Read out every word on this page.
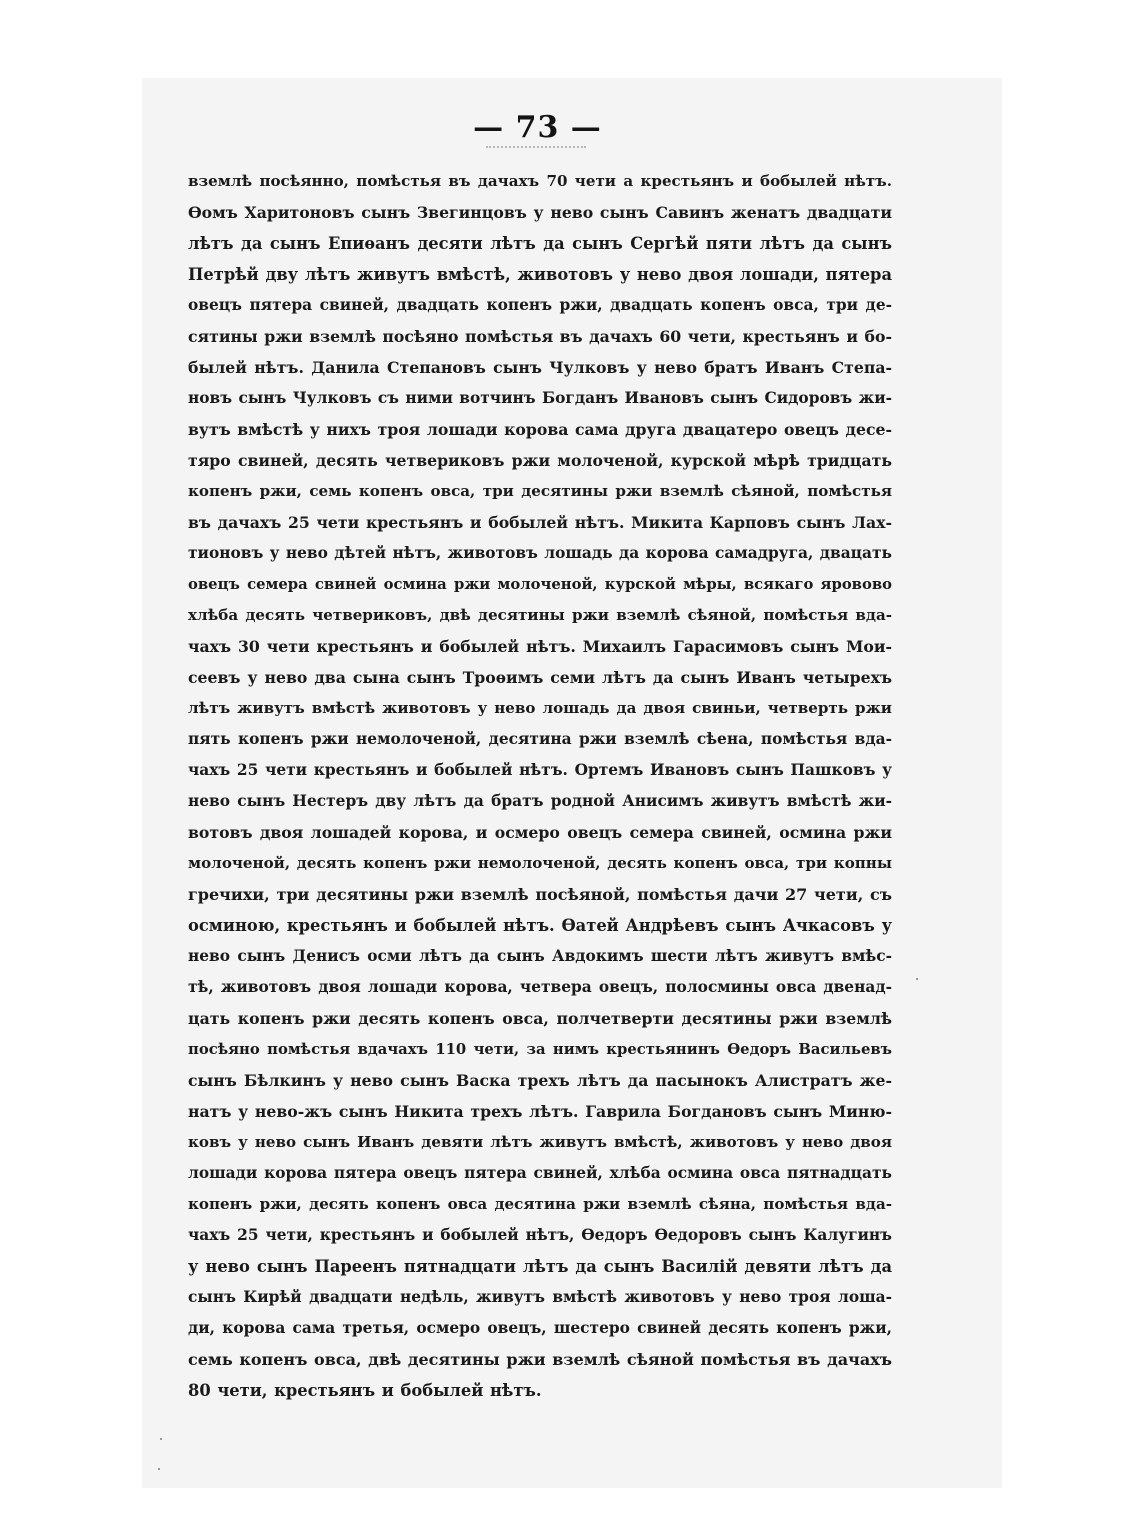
— 73 —
вземлѣ посѣянно, помѣстья въ дачахъ 70 чети а крестьянъ и бобылей нѣтъ.
Ѳомъ Харитоновъ сынъ Звегинцовъ у нево сынъ Савинъ женатъ двадцати
лѣтъ да сынъ Епиѳанъ десяти лѣтъ да сынъ Сергѣй пяти лѣтъ да сынъ
Петрѣй дву лѣтъ живутъ вмѣстѣ, животовъ у нево двоя лошади, пятера
овецъ пятера свиней, двадцать копенъ ржи, двадцать копенъ овса, три де-
сятины ржи вземлѣ посѣяно помѣстья въ дачахъ 60 чети, крестьянъ и бо-
былей нѣтъ. Данила Степановъ сынъ Чулковъ у нево братъ Иванъ Степа-
новъ сынъ Чулковъ съ ними вотчинъ Богданъ Ивановъ сынъ Сидоровъ жи-
вутъ вмѣстѣ у нихъ троя лошади корова сама друга двацатеро овецъ десе-
тяро свиней, десять четвериковъ ржи молоченой, курской мѣрѣ тридцать
копенъ ржи, семь копенъ овса, три десятины ржи вземлѣ сѣяной, помѣстья
въ дачахъ 25 чети крестьянъ и бобылей нѣтъ. Микита Карповъ сынъ Лах-
тионовъ у нево дѣтей нѣтъ, животовъ лошадь да корова самадруга, двацать
овецъ семера свиней осмина ржи молоченой, курской мѣры, всякаго яровово
хлѣба десять четвериковъ, двѣ десятины ржи вземлѣ сѣяной, помѣстья вда-
чахъ 30 чети крестьянъ и бобылей нѣтъ. Михаилъ Гарасимовъ сынъ Мои-
сеевъ у нево два сына сынъ Троѳимъ семи лѣтъ да сынъ Иванъ четырехъ
лѣтъ живутъ вмѣстѣ животовъ у нево лошадь да двоя свиньи, четверть ржи
пять копенъ ржи немолоченой, десятина ржи вземлѣ сѣена, помѣстья вда-
чахъ 25 чети крестьянъ и бобылей нѣтъ. Ортемъ Ивановъ сынъ Пашковъ у
нево сынъ Нестеръ дву лѣтъ да братъ родной Анисимъ живутъ вмѣстѣ жи-
вотовъ двоя лошадей корова, и осмеро овецъ семера свиней, осмина ржи
молоченой, десять копенъ ржи немолоченой, десять копенъ овса, три копны
гречихи, три десятины ржи вземлѣ посѣяной, помѣстья дачи 27 чети, съ
осминою, крестьянъ и бобылей нѣтъ. Ѳатей Андрѣевъ сынъ Ачкасовъ у
нево сынъ Денисъ осми лѣтъ да сынъ Авдокимъ шести лѣтъ живутъ вмѣс-
тѣ, животовъ двоя лошади корова, четвера овецъ, полосмины овса двенад-
цать копенъ ржи десять копенъ овса, полчетверти десятины ржи вземлѣ
посѣяно помѣстья вдачахъ 110 чети, за нимъ крестьянинъ Ѳедоръ Васильевъ
сынъ Бѣлкинъ у нево сынъ Васка трехъ лѣтъ да пасынокъ Алистратъ же-
натъ у нево-жъ сынъ Никита трехъ лѣтъ. Гаврила Богдановъ сынъ Миню-
ковъ у нево сынъ Иванъ девяти лѣтъ живутъ вмѣстѣ, животовъ у нево двоя
лошади корова пятера овецъ пятера свиней, хлѣба осмина овса пятнадцать
копенъ ржи, десять копенъ овса десятина ржи вземлѣ сѣяна, помѣстья вда-
чахъ 25 чети, крестьянъ и бобылей нѣтъ, Ѳедоръ Ѳедоровъ сынъ Калугинъ
у нево сынъ Пареенъ пятнадцати лѣтъ да сынъ Василій девяти лѣтъ да
сынъ Кирѣй двадцати недѣль, живутъ вмѣстѣ животовъ у нево троя лоша-
ди, корова сама третья, осмеро овецъ, шестеро свиней десять копенъ ржи,
семь копенъ овса, двѣ десятины ржи вземлѣ сѣяной помѣстья въ дачахъ
80 чети, крестьянъ и бобылей нѣтъ.
